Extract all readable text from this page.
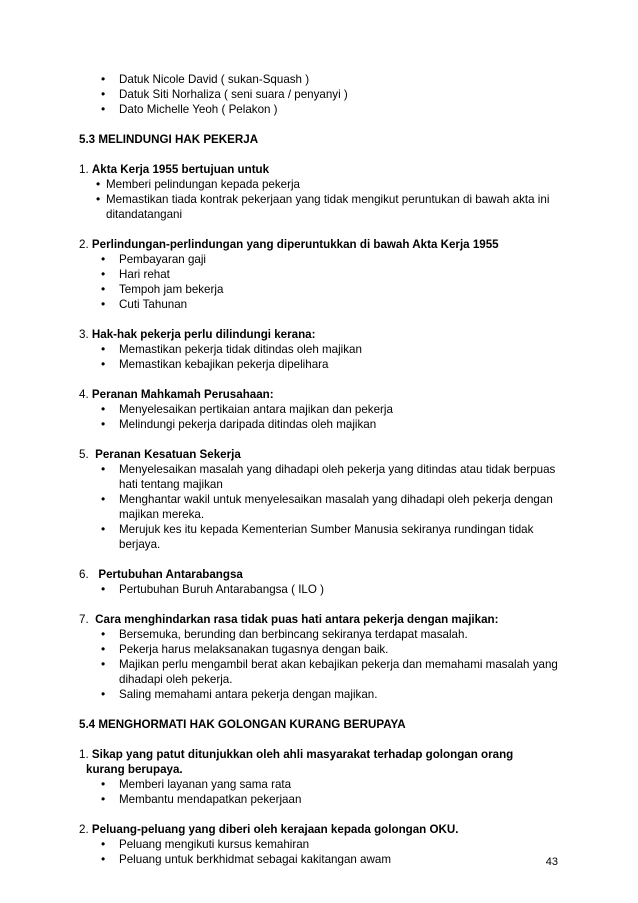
• Datuk Nicole David ( sukan-Squash )
• Datuk Siti Norhaliza ( seni suara / penyanyi )
• Dato Michelle Yeoh ( Pelakon )

5.3 MELINDUNGI HAK PEKERJA

1. Akta Kerja 1955 bertujuan untuk

• Memberi pelindungan kepada pekerja
• Memastikan tiada kontrak pekerjaan yang tidak mengikut peruntukan di bawah akta ini ditandatangani

2. Perlindungan-perlindungan yang diperuntukkan di bawah Akta Kerja 1955

• Pembayaran gaji
• Hari rehat
• Tempoh jam bekerja
• Cuti Tahunan

3. Hak-hak pekerja perlu dilindungi kerana:

• Memastikan pekerja tidak ditindas oleh majikan
• Memastikan kebajikan pekerja dipelihara

4. Peranan Mahkamah Perusahaan:

• Menyelesaikan pertikaian antara majikan dan pekerja
• Melindungi pekerja daripada ditindas oleh majikan

5. Peranan Kesatuan Sekerja

• Menyelesaikan masalah yang dihadapi oleh pekerja yang ditindas atau tidak berpuas hati tentang majikan
• Menghantar wakil untuk menyelesaikan masalah yang dihadapi oleh pekerja dengan majikan mereka.
• Merujuk kes itu kepada Kementerian Sumber Manusia sekiranya rundingan tidak berjaya.

6. Pertubuhan Antarabangsa

• Pertubuhan Buruh Antarabangsa ( ILO )

7. Cara menghindarkan rasa tidak puas hati antara pekerja dengan majikan:

• Bersemuka, berunding dan berbincang sekiranya terdapat masalah.
• Pekerja harus melaksanakan tugasnya dengan baik.
• Majikan perlu mengambil berat akan kebajikan pekerja dan memahami masalah yang dihadapi oleh pekerja.
• Saling memahami antara pekerja dengan majikan.

5.4 MENGHORMATI HAK GOLONGAN KURANG BERUPAYA

1. Sikap yang patut ditunjukkan oleh ahli masyarakat terhadap golongan orang
kurang berupaya.

• Memberi layanan yang sama rata
• Membantu mendapatkan pekerjaan

2. Peluang-peluang yang diberi oleh kerajaan kepada golongan OKU.

• Peluang mengikuti kursus kemahiran
• Peluang untuk berkhidmat sebagai kakitangan awam	43
